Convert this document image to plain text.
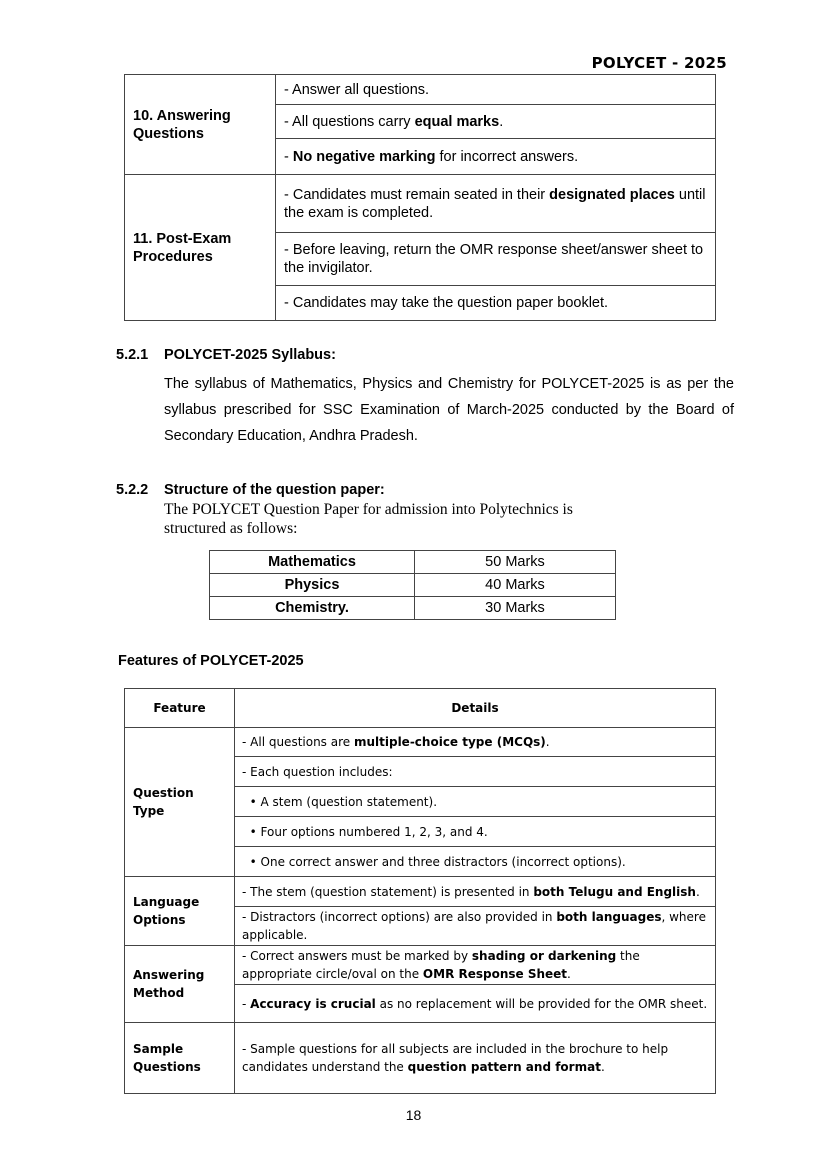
POLYCET - 2025
10. Answering Questions	- Answer all questions.
	- All questions carry equal marks.
	- No negative marking for incorrect answers.
11. Post-Exam Procedures	- Candidates must remain seated in their designated places until the exam is completed.
	- Before leaving, return the OMR response sheet/answer sheet to the invigilator.
	- Candidates may take the question paper booklet.
5.2.1 POLYCET-2025 Syllabus:
The syllabus of Mathematics, Physics and Chemistry for POLYCET-2025 is as per the syllabus prescribed for SSC Examination of March-2025 conducted by the Board of Secondary Education, Andhra Pradesh.
5.2.2 Structure of the question paper:
The POLYCET Question Paper for admission into Polytechnics is structured as follows:
Mathematics	50 Marks
Physics	40 Marks
Chemistry.	30 Marks
Features of POLYCET-2025
Feature	Details
Question Type	- All questions are multiple-choice type (MCQs).
	- Each question includes:
	• A stem (question statement).
	• Four options numbered 1, 2, 3, and 4.
	• One correct answer and three distractors (incorrect options).
Language Options	- The stem (question statement) is presented in both Telugu and English.
	- Distractors (incorrect options) are also provided in both languages, where applicable.
Answering Method	- Correct answers must be marked by shading or darkening the appropriate circle/oval on the OMR Response Sheet.
	- Accuracy is crucial as no replacement will be provided for the OMR sheet.
Sample Questions	- Sample questions for all subjects are included in the brochure to help candidates understand the question pattern and format.
18
